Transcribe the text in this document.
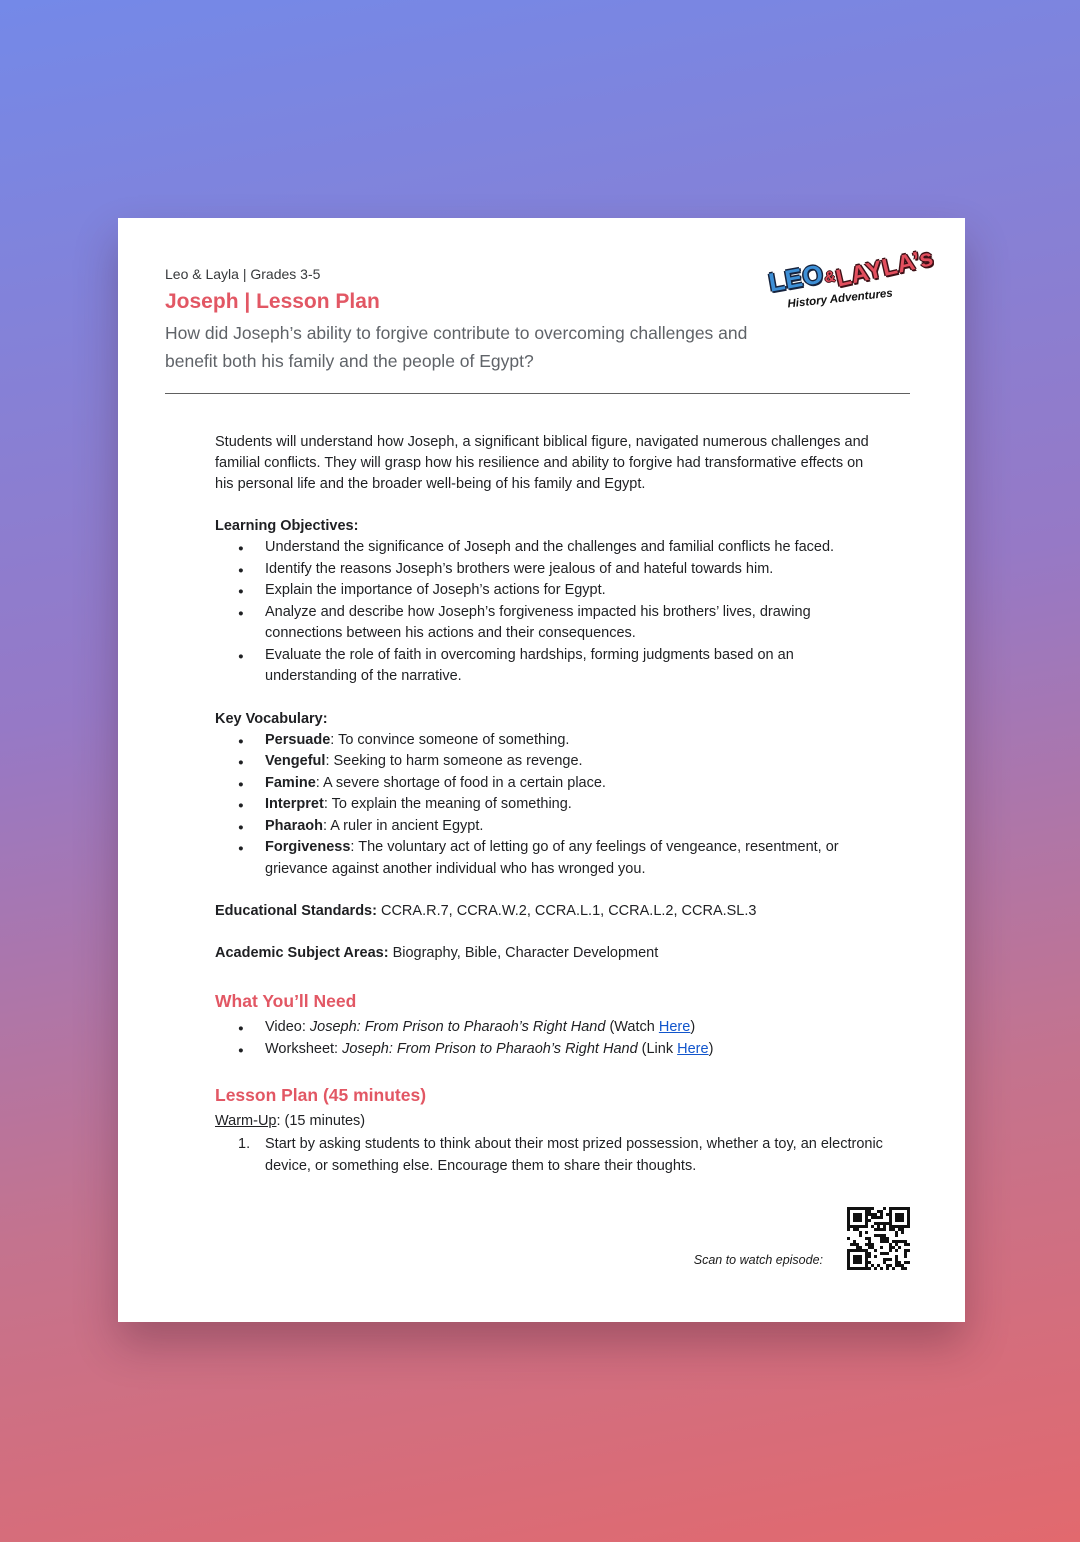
Leo & Layla | Grades 3-5
Joseph | Lesson Plan

How did Joseph’s ability to forgive contribute to overcoming challenges and benefit both his family and the people of Egypt?

LEO&LAYLA’s
History Adventures

Students will understand how Joseph, a significant biblical figure, navigated numerous challenges and familial conflicts. They will grasp how his resilience and ability to forgive had transformative effects on his personal life and the broader well-being of his family and Egypt.

Learning Objectives:
● Understand the significance of Joseph and the challenges and familial conflicts he faced.
● Identify the reasons Joseph’s brothers were jealous of and hateful towards him.
● Explain the importance of Joseph’s actions for Egypt.
● Analyze and describe how Joseph’s forgiveness impacted his brothers’ lives, drawing connections between his actions and their consequences.
● Evaluate the role of faith in overcoming hardships, forming judgments based on an understanding of the narrative.
Key Vocabulary:
● Persuade: To convince someone of something.
● Vengeful: Seeking to harm someone as revenge.
● Famine: A severe shortage of food in a certain place.
● Interpret: To explain the meaning of something.
● Pharaoh: A ruler in ancient Egypt.
● Forgiveness: The voluntary act of letting go of any feelings of vengeance, resentment, or grievance against another individual who has wronged you.

Educational Standards: CCRA.R.7, CCRA.W.2, CCRA.L.1, CCRA.L.2, CCRA.SL.3

Academic Subject Areas: Biography, Bible, Character Development

What You’ll Need
● Video: Joseph: From Prison to Pharaoh’s Right Hand (Watch Here)
● Worksheet: Joseph: From Prison to Pharaoh’s Right Hand (Link Here)
Lesson Plan (45 minutes)

Warm-Up: (15 minutes)

Start by asking students to think about their most prized possession, whether a toy, an electronic device, or something else. Encourage them to share their thoughts.
Scan to watch episode:
